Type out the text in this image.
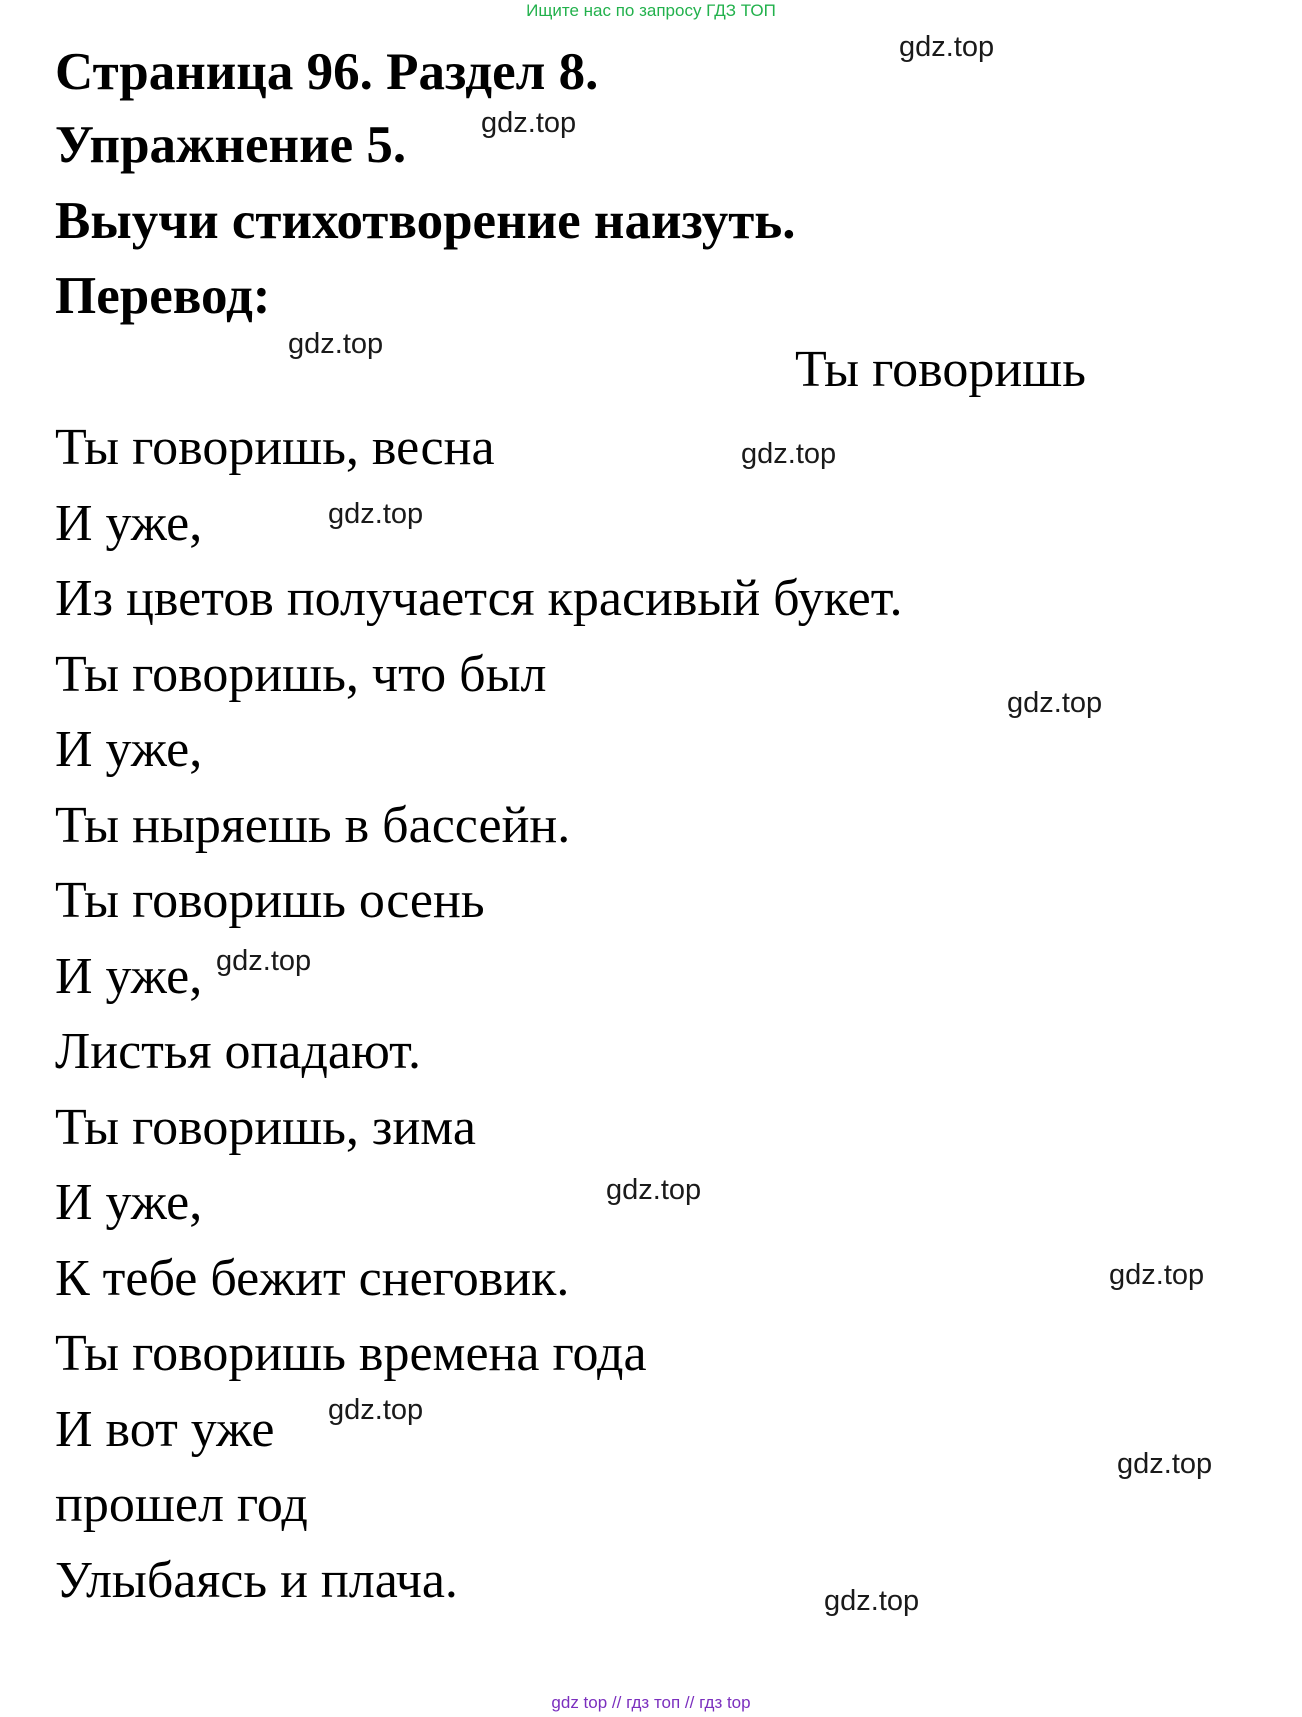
Ищите нас по запросу ГДЗ ТОП
Страница 96. Раздел 8.
Упражнение 5.
Выучи стихотворение наизуть.
Перевод:
Ты говоришь
Ты говоришь, весна
И уже,
Из цветов получается красивый букет.
Ты говоришь, что был
И уже,
Ты ныряешь в бассейн.
Ты говоришь осень
И уже,
Листья опадают.
Ты говоришь, зима
И уже,
К тебе бежит снеговик.
Ты говоришь времена года
И вот уже
прошел год
Улыбаясь и плача.
gdz.top
gdz.top
gdz.top
gdz.top
gdz.top
gdz.top
gdz.top
gdz.top
gdz.top
gdz.top
gdz.top
gdz.top
gdz top // гдз топ // гдз top
